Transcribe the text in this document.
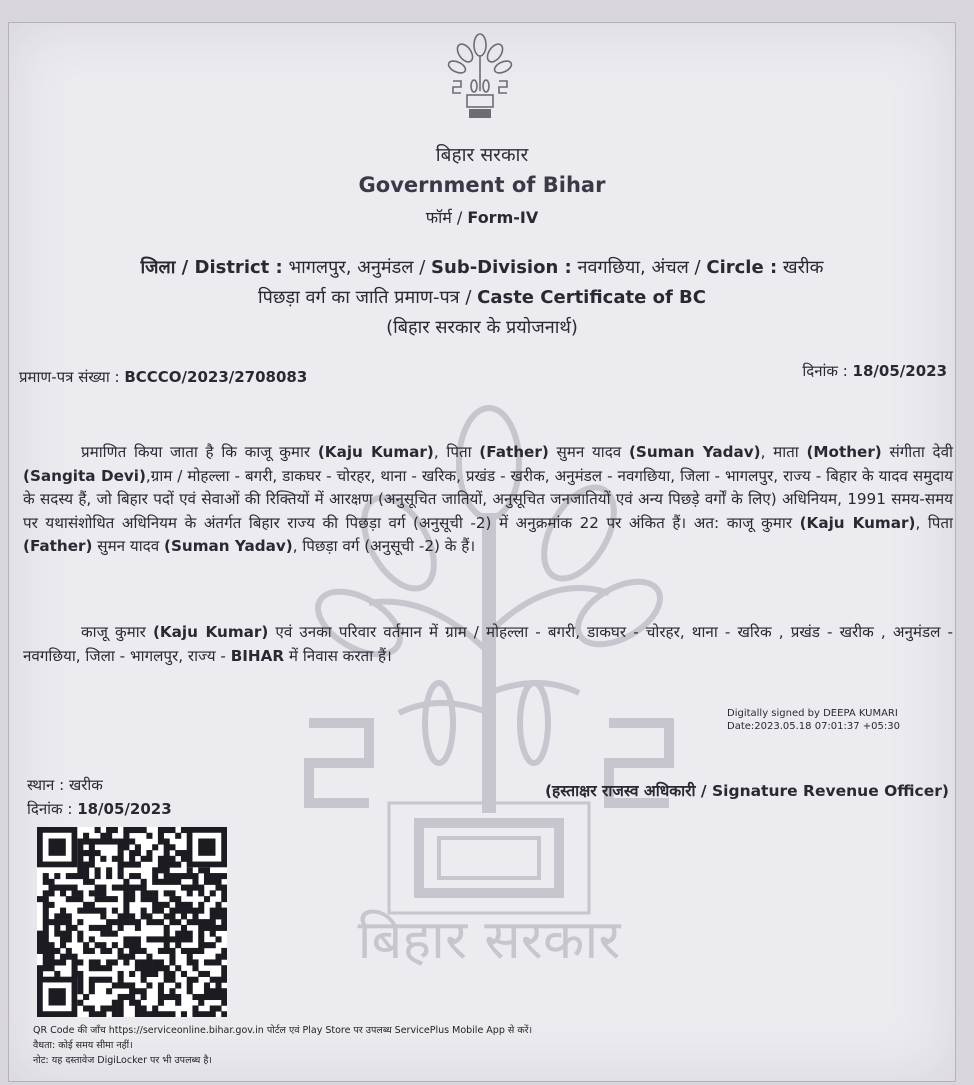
बिहार सरकार
बिहार सरकार
Government of Bihar
फॉर्म / Form-IV
जिला / District : भागलपुर, अनुमंडल / Sub-Division : नवगछिया, अंचल / Circle : खरीक
पिछड़ा वर्ग का जाति प्रमाण-पत्र / Caste Certificate of BC
(बिहार सरकार के प्रयोजनार्थ)
प्रमाण-पत्र संख्या : BCCCO/2023/2708083	दिनांक : 18/05/2023
प्रमाणित किया जाता है कि काजू कुमार (Kaju Kumar), पिता (Father) सुमन यादव (Suman Yadav), माता (Mother) संगीता देवी (Sangita Devi),ग्राम / मोहल्ला - बगरी, डाकघर - चोरहर, थाना - खरिक, प्रखंड - खरीक, अनुमंडल - नवगछिया, जिला - भागलपुर, राज्य - बिहार के यादव समुदाय के सदस्य हैं, जो बिहार पदों एवं सेवाओं की रिक्तियों में आरक्षण (अनुसूचित जातियों, अनुसूचित जनजातियों एवं अन्य पिछड़े वर्गों के लिए) अधिनियम, 1991 समय-समय पर यथासंशोधित अधिनियम के अंतर्गत बिहार राज्य की पिछड़ा वर्ग (अनुसूची -2) में अनुक्रमांक 22 पर अंकित हैं। अत: काजू कुमार (Kaju Kumar), पिता (Father) सुमन यादव (Suman Yadav), पिछड़ा वर्ग (अनुसूची -2) के हैं।
काजू कुमार (Kaju Kumar) एवं उनका परिवार वर्तमान में ग्राम / मोहल्ला - बगरी, डाकघर - चोरहर, थाना - खरिक , प्रखंड - खरीक , अनुमंडल - नवगछिया, जिला - भागलपुर, राज्य - BIHAR में निवास करता हैं।
Digitally signed by DEEPA KUMARI
Date:2023.05.18 07:01:37 +05:30
स्थान : खरीक
दिनांक : 18/05/2023
(हस्ताक्षर राजस्व अधिकारी / Signature Revenue Officer)
QR Code की जाँच https://serviceonline.bihar.gov.in पोर्टल एवं Play Store पर उपलब्ध ServicePlus Mobile App से करें।
वैधता: कोई समय सीमा नहीं।
नोट: यह दस्तावेज DigiLocker पर भी उपलब्ध है।
